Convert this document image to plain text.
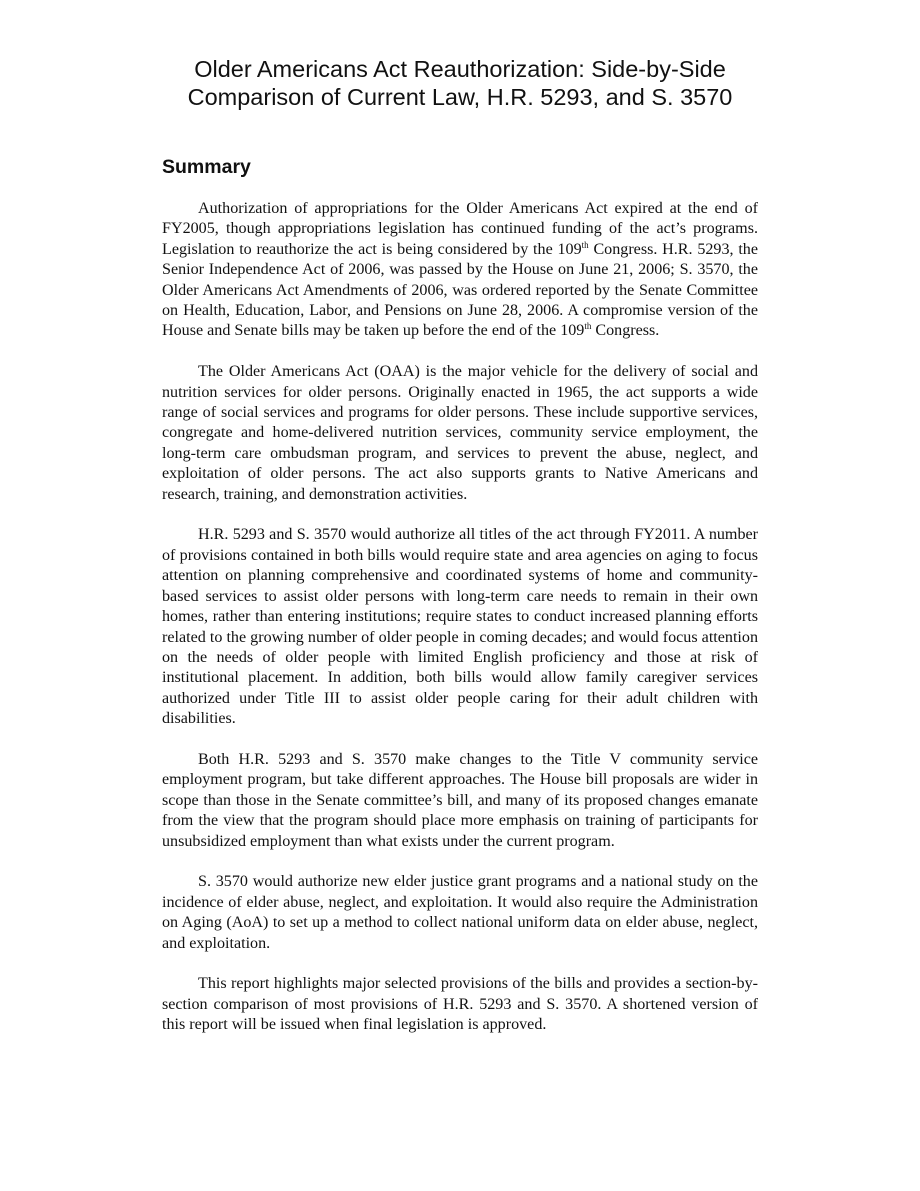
Older Americans Act Reauthorization: Side-by-Side
Comparison of Current Law, H.R. 5293, and S. 3570
Summary

Authorization of appropriations for the Older Americans Act expired at the end of FY2005, though appropriations legislation has continued funding of the act’s programs. Legislation to reauthorize the act is being considered by the 109th Congress. H.R. 5293, the Senior Independence Act of 2006, was passed by the House on June 21, 2006; S. 3570, the Older Americans Act Amendments of 2006, was ordered reported by the Senate Committee on Health, Education, Labor, and Pensions on June 28, 2006. A compromise version of the House and Senate bills may be taken up before the end of the 109th Congress.

The Older Americans Act (OAA) is the major vehicle for the delivery of social and nutrition services for older persons. Originally enacted in 1965, the act supports a wide range of social services and programs for older persons. These include supportive services, congregate and home-delivered nutrition services, community service employment, the long-term care ombudsman program, and services to prevent the abuse, neglect, and exploitation of older persons. The act also supports grants to Native Americans and research, training, and demonstration activities.

H.R. 5293 and S. 3570 would authorize all titles of the act through FY2011. A number of provisions contained in both bills would require state and area agencies on aging to focus attention on planning comprehensive and coordinated systems of home and community-based services to assist older persons with long-term care needs to remain in their own homes, rather than entering institutions; require states to conduct increased planning efforts related to the growing number of older people in coming decades; and would focus attention on the needs of older people with limited English proficiency and those at risk of institutional placement. In addition, both bills would allow family caregiver services authorized under Title III to assist older people caring for their adult children with disabilities.

Both H.R. 5293 and S. 3570 make changes to the Title V community service employment program, but take different approaches. The House bill proposals are wider in scope than those in the Senate committee’s bill, and many of its proposed changes emanate from the view that the program should place more emphasis on training of participants for unsubsidized employment than what exists under the current program.

S. 3570 would authorize new elder justice grant programs and a national study on the incidence of elder abuse, neglect, and exploitation. It would also require the Administration on Aging (AoA) to set up a method to collect national uniform data on elder abuse, neglect, and exploitation.

This report highlights major selected provisions of the bills and provides a section-by-section comparison of most provisions of H.R. 5293 and S. 3570. A shortened version of this report will be issued when final legislation is approved.
